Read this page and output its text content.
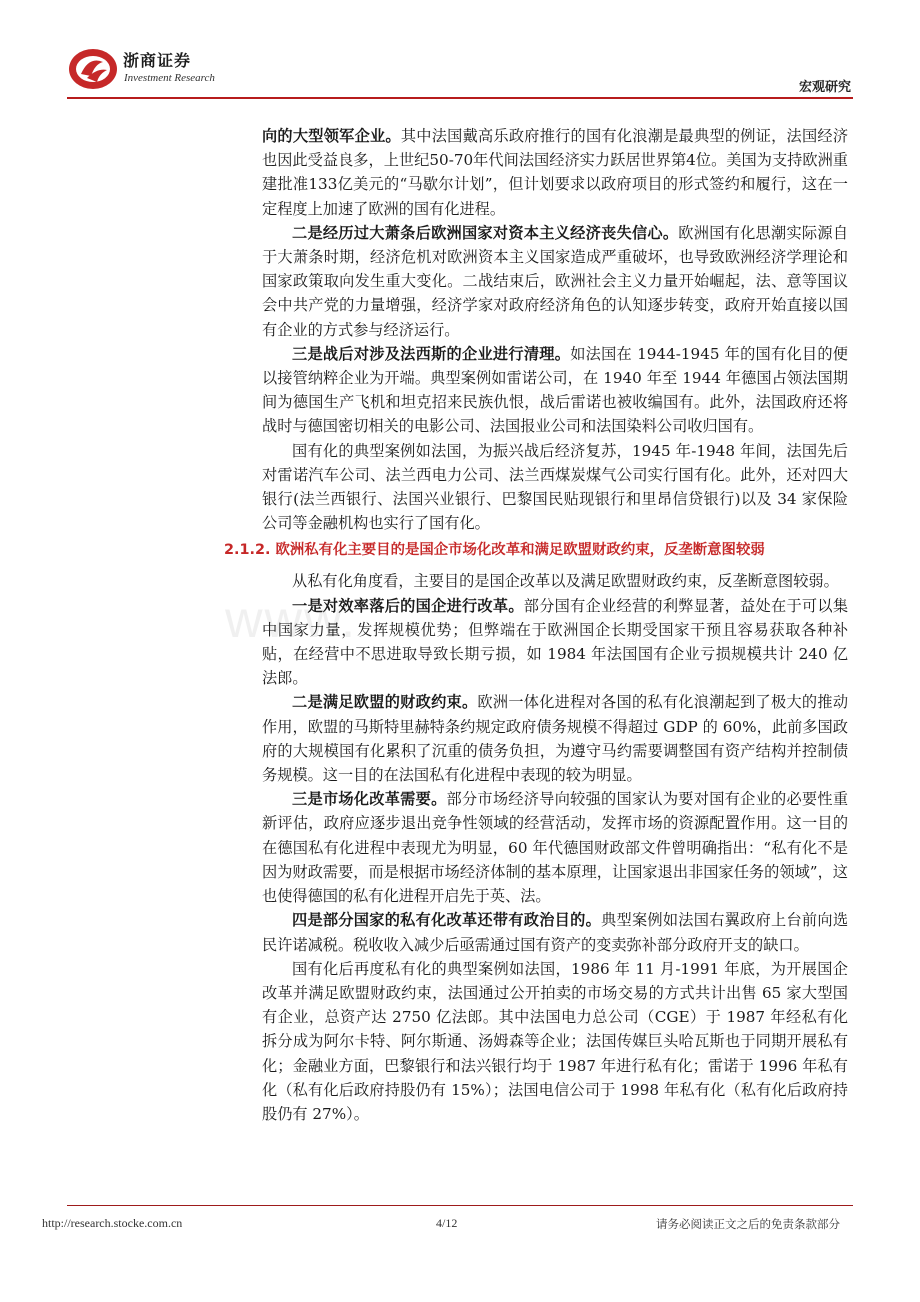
浙商证券
Investment Research
宏观研究
www.

向的大型领军企业。其中法国戴高乐政府推行的国有化浪潮是最典型的例证，法国经济也因此受益良多，上世纪50-70年代间法国经济实力跃居世界第4位。美国为支持欧洲重建批准133亿美元的“马歇尔计划”，但计划要求以政府项目的形式签约和履行，这在一定程度上加速了欧洲的国有化进程。

二是经历过大萧条后欧洲国家对资本主义经济丧失信心。欧洲国有化思潮实际源自于大萧条时期，经济危机对欧洲资本主义国家造成严重破坏，也导致欧洲经济学理论和国家政策取向发生重大变化。二战结束后，欧洲社会主义力量开始崛起，法、意等国议会中共产党的力量增强，经济学家对政府经济角色的认知逐步转变，政府开始直接以国有企业的方式参与经济运行。

三是战后对涉及法西斯的企业进行清理。如法国在 1944-1945 年的国有化目的便以接管纳粹企业为开端。典型案例如雷诺公司，在 1940 年至 1944 年德国占领法国期间为德国生产飞机和坦克招来民族仇恨，战后雷诺也被收编国有。此外，法国政府还将战时与德国密切相关的电影公司、法国报业公司和法国染料公司收归国有。

国有化的典型案例如法国，为振兴战后经济复苏，1945 年-1948 年间，法国先后对雷诺汽车公司、法兰西电力公司、法兰西煤炭煤气公司实行国有化。此外，还对四大银行(法兰西银行、法国兴业银行、巴黎国民贴现银行和里昂信贷银行)以及 34 家保险公司等金融机构也实行了国有化。

2.1.2. 欧洲私有化主要目的是国企市场化改革和满足欧盟财政约束，反垄断意图较弱

从私有化角度看，主要目的是国企改革以及满足欧盟财政约束，反垄断意图较弱。

一是对效率落后的国企进行改革。部分国有企业经营的利弊显著，益处在于可以集中国家力量，发挥规模优势；但弊端在于欧洲国企长期受国家干预且容易获取各种补贴，在经营中不思进取导致长期亏损，如 1984 年法国国有企业亏损规模共计 240 亿法郎。

二是满足欧盟的财政约束。欧洲一体化进程对各国的私有化浪潮起到了极大的推动作用，欧盟的马斯特里赫特条约规定政府债务规模不得超过 GDP 的 60%，此前多国政府的大规模国有化累积了沉重的债务负担，为遵守马约需要调整国有资产结构并控制债务规模。这一目的在法国私有化进程中表现的较为明显。

三是市场化改革需要。部分市场经济导向较强的国家认为要对国有企业的必要性重新评估，政府应逐步退出竞争性领域的经营活动，发挥市场的资源配置作用。这一目的在德国私有化进程中表现尤为明显，60 年代德国财政部文件曾明确指出：“私有化不是因为财政需要，而是根据市场经济体制的基本原理，让国家退出非国家任务的领域”，这也使得德国的私有化进程开启先于英、法。

四是部分国家的私有化改革还带有政治目的。典型案例如法国右翼政府上台前向选民许诺减税。税收收入减少后亟需通过国有资产的变卖弥补部分政府开支的缺口。

国有化后再度私有化的典型案例如法国，1986 年 11 月-1991 年底，为开展国企改革并满足欧盟财政约束，法国通过公开拍卖的市场交易的方式共计出售 65 家大型国有企业，总资产达 2750 亿法郎。其中法国电力总公司（CGE）于 1987 年经私有化拆分成为阿尔卡特、阿尔斯通、汤姆森等企业；法国传媒巨头哈瓦斯也于同期开展私有化；金融业方面，巴黎银行和法兴银行均于 1987 年进行私有化；雷诺于 1996 年私有化（私有化后政府持股仍有 15%）；法国电信公司于 1998 年私有化（私有化后政府持股仍有 27%）。

http://research.stocke.com.cn	4/12	请务必阅读正文之后的免责条款部分
